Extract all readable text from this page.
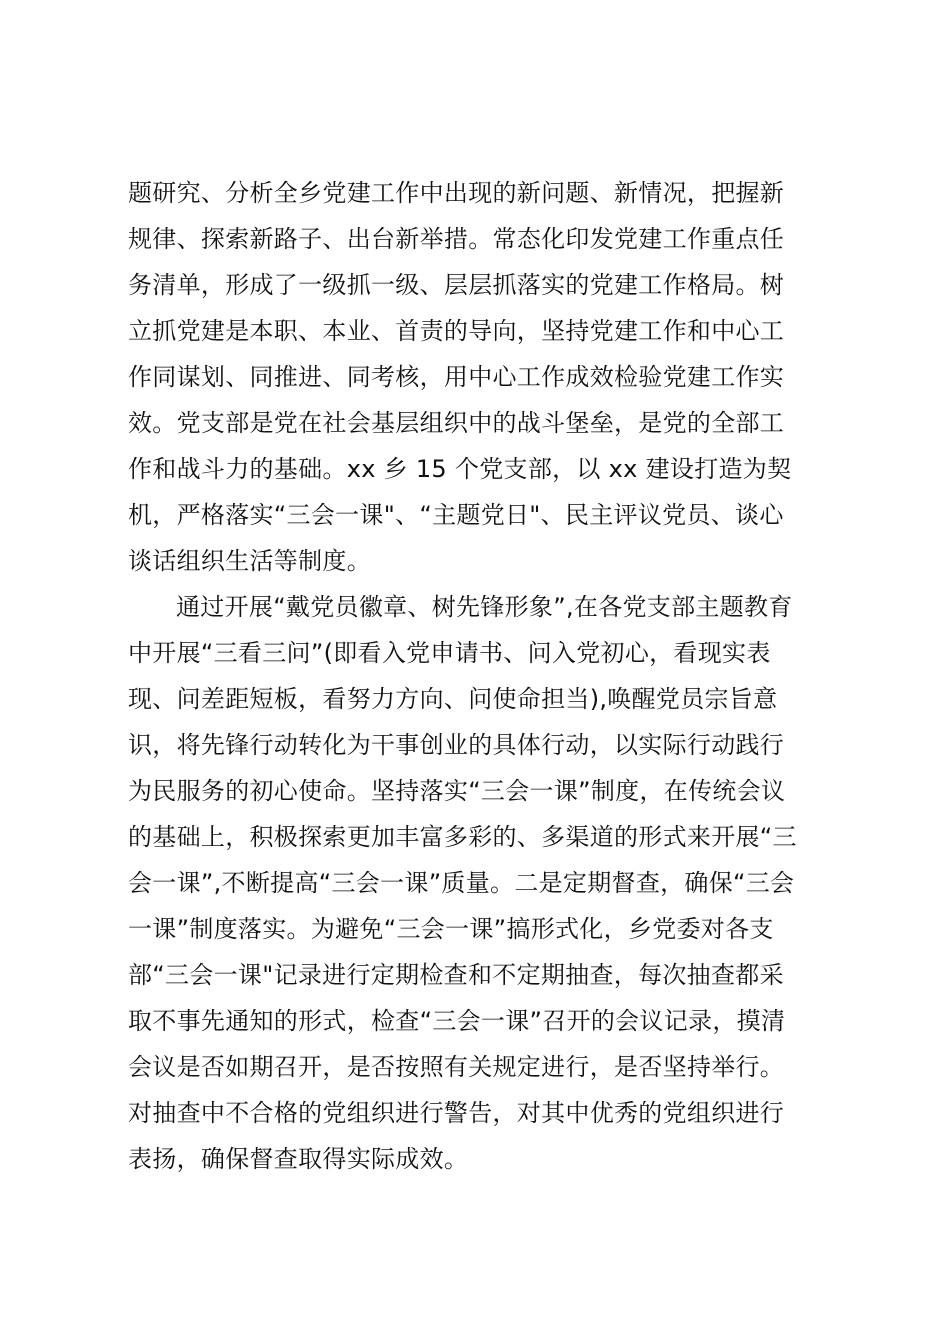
题研究、分析全乡党建工作中出现的新问题、新情况，把握新
规律、探索新路子、出台新举措。常态化印发党建工作重点任
务清单，形成了一级抓一级、层层抓落实的党建工作格局。树
立抓党建是本职、本业、首责的导向，坚持党建工作和中心工
作同谋划、同推进、同考核，用中心工作成效检验党建工作实
效。党支部是党在社会基层组织中的战斗堡垒，是党的全部工
作和战斗力的基础。xx 乡 15 个党支部，以 xx 建设打造为契
机，严格落实“三会一课"、“主题党日"、民主评议党员、谈心
谈话组织生活等制度。
通过开展“戴党员徽章、树先锋形象”,在各党支部主题教育
中开展“三看三问”(即看入党申请书、问入党初心，看现实表
现、问差距短板，看努力方向、问使命担当),唤醒党员宗旨意
识，将先锋行动转化为干事创业的具体行动，以实际行动践行
为民服务的初心使命。坚持落实“三会一课”制度，在传统会议
的基础上，积极探索更加丰富多彩的、多渠道的形式来开展“三
会一课”,不断提高“三会一课”质量。二是定期督查，确保“三会
一课”制度落实。为避免“三会一课”搞形式化，乡党委对各支
部“三会一课"记录进行定期检查和不定期抽查，每次抽查都采
取不事先通知的形式，检查“三会一课”召开的会议记录，摸清
会议是否如期召开，是否按照有关规定进行，是否坚持举行。
对抽查中不合格的党组织进行警告，对其中优秀的党组织进行
表扬，确保督查取得实际成效。
